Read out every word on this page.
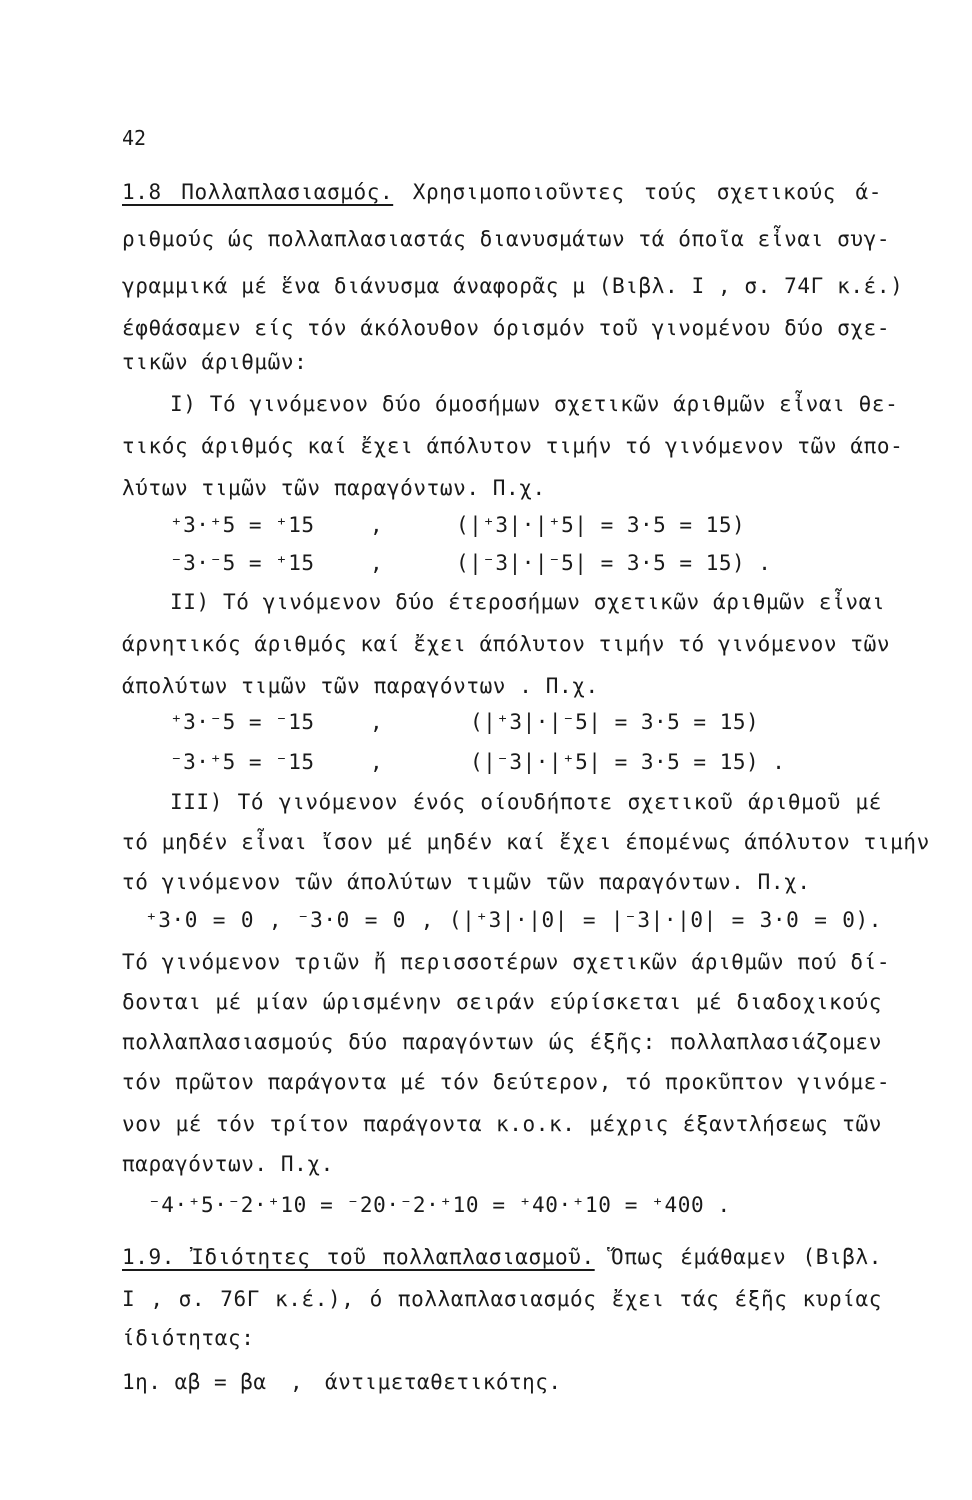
42
1.8 Πολλαπλασιασμός. Χρησιμοποιοῦντες τούς σχετικούς ά-
ριθμούς ώς πολλαπλασιαστάς διανυσμάτων τά όποῖα εἶναι συγ-
γραμμικά μέ ἕνα διάνυσμα άναφορᾶς μ (Βιβλ. Ι , σ. 74Γ κ.έ.)
έφθάσαμεν είς τόν άκόλουθον όρισμόν τοῦ γινομένου δύο σχε-
τικῶν άριθμῶν:
I) Τό γινόμενον δύο όμοσήμων σχετικῶν άριθμῶν εἶναι θε-
τικός άριθμός καί ἔχει άπόλυτον τιμήν τό γινόμενον τῶν άπο-
λύτων τιμῶν τῶν παραγόντων. Π.χ.
⁺3·⁺5 = ⁺15	,	(|⁺3|·|⁺5| = 3·5 = 15)
⁻3·⁻5 = ⁺15	,	(|⁻3|·|⁻5| = 3·5 = 15) .
II) Τό γινόμενον δύο έτεροσήμων σχετικῶν άριθμῶν εἶναι
άρνητικός άριθμός καί ἔχει άπόλυτον τιμήν τό γινόμενον τῶν
άπολύτων τιμῶν τῶν παραγόντων . Π.χ.
⁺3·⁻5 = ⁻15	,	(|⁺3|·|⁻5| = 3·5 = 15)
⁻3·⁺5 = ⁻15	,	(|⁻3|·|⁺5| = 3·5 = 15) .
III) Τό γινόμενον ένός οίουδήποτε σχετικοῦ άριθμοῦ μέ
τό μηδέν εἶναι ἴσον μέ μηδέν καί ἔχει έπομένως άπόλυτον τιμήν
τό γινόμενον τῶν άπολύτων τιμῶν τῶν παραγόντων. Π.χ.
⁺3·0 = 0 , ⁻3·0 = 0 , (|⁺3|·|0| = |⁻3|·|0| = 3·0 = 0).
Τό γινόμενον τριῶν ἤ περισσοτέρων σχετικῶν άριθμῶν πού δί-
δονται μέ μίαν ώρισμένην σειράν εύρίσκεται μέ διαδοχικούς
πολλαπλασιασμούς δύο παραγόντων ώς έξῆς: πολλαπλασιάζομεν
τόν πρῶτον παράγοντα μέ τόν δεύτερον, τό προκῦπτον γινόμε-
νον μέ τόν τρίτον παράγοντα κ.ο.κ. μέχρις έξαντλήσεως τῶν
παραγόντων. Π.χ.
⁻4·⁺5·⁻2·⁺10 = ⁻20·⁻2·⁺10 = ⁺40·⁺10 = ⁺400 .
1.9. Ἰδιότητες τοῦ πολλαπλασιασμοῦ. Ὅπως έμάθαμεν (Βιβλ.
Ι , σ. 76Γ κ.έ.), ό πολλαπλασιασμός ἔχει τάς έξῆς κυρίας
ίδιότητας:
1η. αβ = βα , άντιμεταθετικότης.
